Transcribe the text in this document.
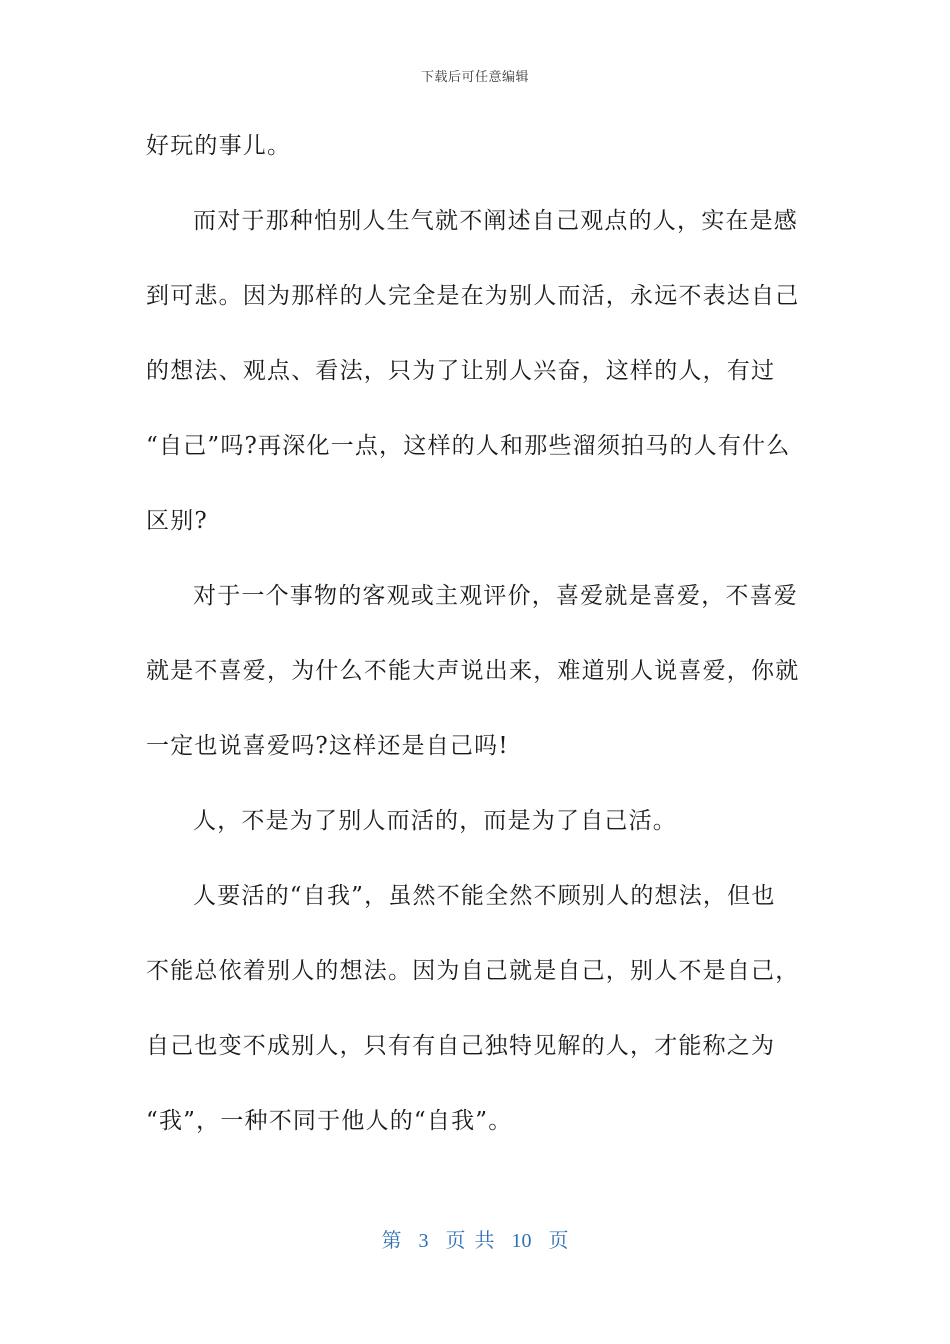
下载后可任意编辑
好玩的事儿。
而对于那种怕别人生气就不阐述自己观点的人，实在是感
到可悲。因为那样的人完全是在为别人而活，永远不表达自己
的想法、观点、看法，只为了让别人兴奋，这样的人，有过
“自己”吗?再深化一点，这样的人和那些溜须拍马的人有什么
区别?
对于一个事物的客观或主观评价，喜爱就是喜爱，不喜爱
就是不喜爱，为什么不能大声说出来，难道别人说喜爱，你就
一定也说喜爱吗?这样还是自己吗!
人，不是为了别人而活的，而是为了自己活。
人要活的“自我”，虽然不能全然不顾别人的想法，但也
不能总依着别人的想法。因为自己就是自己，别人不是自己，
自己也变不成别人，只有有自己独特见解的人，才能称之为
“我”，一种不同于他人的“自我”。
第 3 页 共 10 页
